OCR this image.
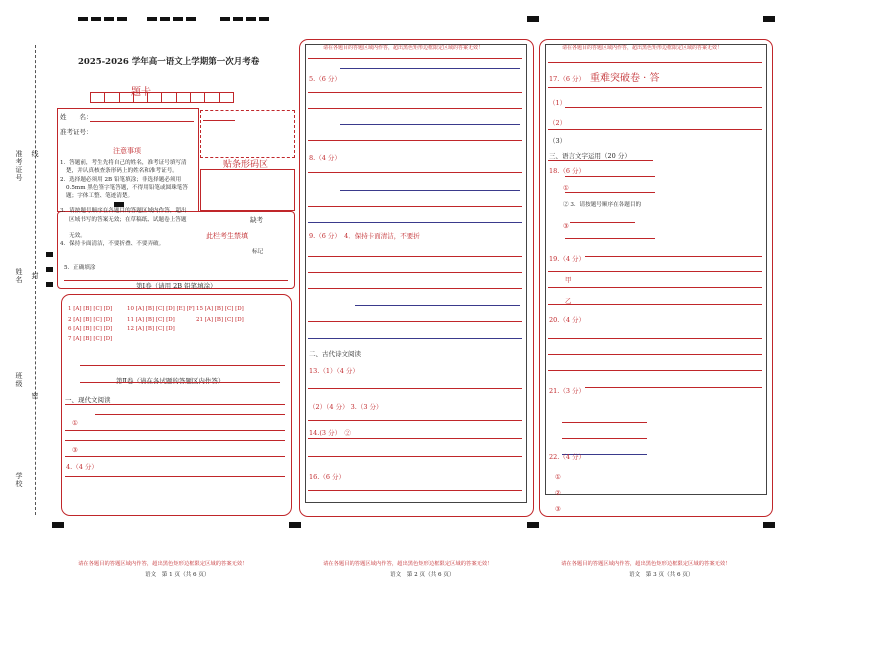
准考证号 线
姓名 封
班级
密
学校
2025-2026 学年高一语文上学期第一次月考卷
题卡
姓　　名：
准考证号：
注意事项
1．答题前，考生先将自己的姓名，准考证号填写清
楚，并认真核查条形码上的姓名和准考证号。
2．选择题必须用 2B 铅笔填涂；非选择题必须用
0.5mm 黑色签字笔答题，不得用铅笔或圆珠笔答
题；字体工整、笔迹清楚。
贴条形码区
3．请按题号顺序在各题目的答题区域内作答，超出
区域书写的答案无效；在草稿纸、试题卷上答题
无效。
4．保持卡面清洁，不要折叠、不要弄破。
5．正确填涂
缺考
此栏考生禁填
标记
第Ⅰ卷（请用 2B 铅笔填涂）
1 [A] [B] [C] [D]
2 [A] [B] [C] [D]
6 [A] [B] [C] [D]
7 [A] [B] [C] [D]
10 [A] [B] [C] [D] [E] [F]
11 [A] [B] [C] [D]
12 [A] [B] [C] [D]
15 [A] [B] [C] [D]
21 [A] [B] [C] [D]
第Ⅱ卷（请在各试题的答题区内作答）
一、现代文阅读
①
③
4.（4 分）
请在各题目的答题区域内作答，超出黑色矩形边框限定区域的答案无效！
5.（6 分）
8.（4 分）
9.（6 分）　4．保持卡面清洁，不要折
二、古代诗文阅读
13.（1）（4 分）
（2）（4 分） 3.（3 分）
14.(3 分）　②
16.（6 分）
请在各题目的答题区域内作答，超出黑色矩形边框限定区域的答案无效！
17.（6 分） 重难突破卷 · 答
（1）
（2）
（3）
三、语言文字运用（20 分）
18.（6 分）
①
② 3．请按题号顺序在各题目的
③
19.（4 分）
甲
乙
20.（4 分）
21.（3 分）
22.（4 分）
①
②
③
请在各题目的答题区域内作答，超出黑色矩形边框限定区域的答案无效！
语文　第 1 页（共 6 页）
请在各题目的答题区域内作答，超出黑色矩形边框限定区域的答案无效！
语文　第 2 页（共 6 页）
请在各题目的答题区域内作答，超出黑色矩形边框限定区域的答案无效！
语文　第 3 页（共 6 页）
